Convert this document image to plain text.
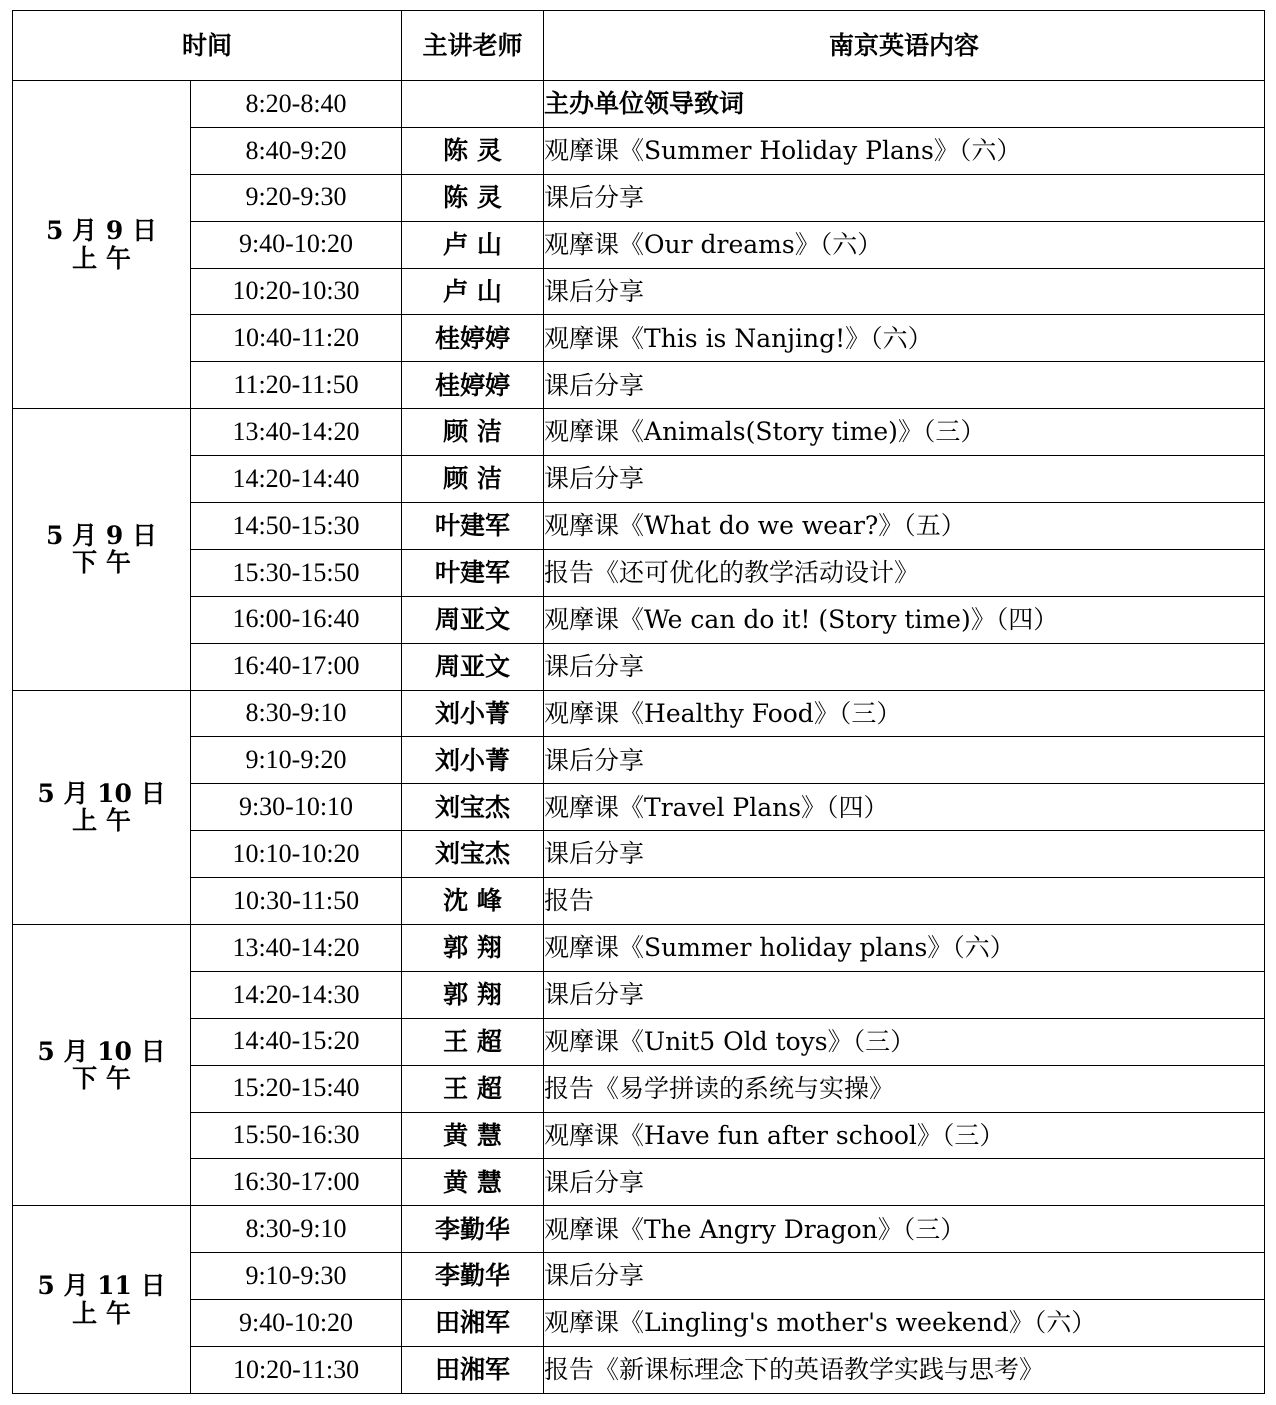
时间		主讲老师	南京英语内容

5 月 9 日
上 午	8:20-8:40		主办单位领导致词
	8:40-9:20	陈 灵	观摩课《Summer Holiday Plans》（六）
	9:20-9:30	陈 灵	课后分享
	9:40-10:20	卢 山	观摩课《Our dreams》（六）
	10:20-10:30	卢 山	课后分享
	10:40-11:20	桂婷婷	观摩课《This is Nanjing!》（六）
	11:20-11:50	桂婷婷	课后分享

5 月 9 日
下 午	13:40-14:20	顾 洁	观摩课《Animals(Story time)》（三）
	14:20-14:40	顾 洁	课后分享
	14:50-15:30	叶建军	观摩课《What do we wear?》（五）
	15:30-15:50	叶建军	报告《还可优化的教学活动设计》
	16:00-16:40	周亚文	观摩课《We can do it! (Story time)》（四）
	16:40-17:00	周亚文	课后分享

5 月 10 日
上 午	8:30-9:10	刘小菁	观摩课《Healthy Food》（三）
	9:10-9:20	刘小菁	课后分享
	9:30-10:10	刘宝杰	观摩课《Travel Plans》（四）
	10:10-10:20	刘宝杰	课后分享
	10:30-11:50	沈 峰	报告

5 月 10 日
下 午	13:40-14:20	郭 翔	观摩课《Summer holiday plans》（六）
	14:20-14:30	郭 翔	课后分享
	14:40-15:20	王 超	观摩课《Unit5 Old toys》（三）
	15:20-15:40	王 超	报告《易学拼读的系统与实操》
	15:50-16:30	黄 慧	观摩课《Have fun after school》（三）
	16:30-17:00	黄 慧	课后分享

5 月 11 日
上 午	8:30-9:10	李勤华	观摩课《The Angry Dragon》（三）
	9:10-9:30	李勤华	课后分享
	9:40-10:20	田湘军	观摩课《Lingling's mother's weekend》（六）
	10:20-11:30	田湘军	报告《新课标理念下的英语教学实践与思考》
